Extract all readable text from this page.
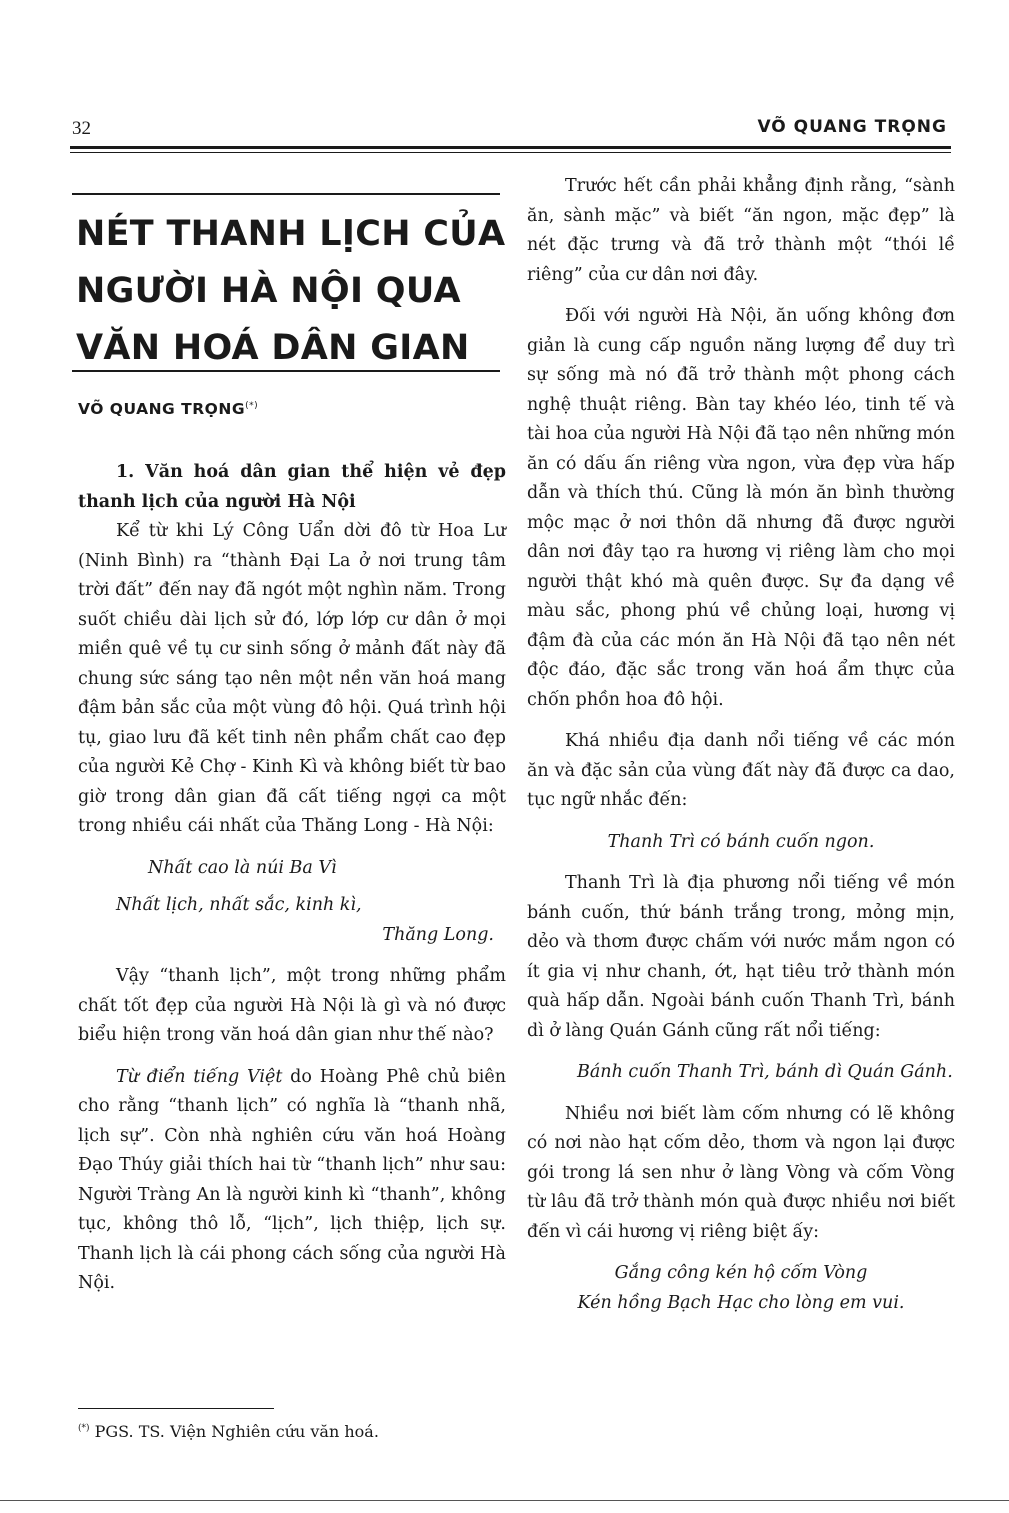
32	VÕ QUANG TRỌNG
NÉT THANH LỊCH CỦA
NGƯỜI HÀ NỘI QUA
VĂN HOÁ DÂN GIAN
VÕ QUANG TRỌNG(*)

1. Văn hoá dân gian thể hiện vẻ đẹp thanh lịch của người Hà Nội

Kể từ khi Lý Công Uẩn dời đô từ Hoa Lư (Ninh Bình) ra “thành Đại La ở nơi trung tâm trời đất” đến nay đã ngót một nghìn năm. Trong suốt chiều dài lịch sử đó, lớp lớp cư dân ở mọi miền quê về tụ cư sinh sống ở mảnh đất này đã chung sức sáng tạo nên một nền văn hoá mang đậm bản sắc của một vùng đô hội. Quá trình hội tụ, giao lưu đã kết tinh nên phẩm chất cao đẹp của người Kẻ Chợ - Kinh Kì và không biết từ bao giờ trong dân gian đã cất tiếng ngợi ca một trong nhiều cái nhất của Thăng Long - Hà Nội:

Nhất cao là núi Ba Vì
Nhất lịch, nhất sắc, kinh kì,
Thăng Long.

Vậy “thanh lịch”, một trong những phẩm chất tốt đẹp của người Hà Nội là gì và nó được biểu hiện trong văn hoá dân gian như thế nào?

Từ điển tiếng Việt do Hoàng Phê chủ biên cho rằng “thanh lịch” có nghĩa là “thanh nhã, lịch sự”. Còn nhà nghiên cứu văn hoá Hoàng Đạo Thúy giải thích hai từ “thanh lịch” như sau: Người Tràng An là người kinh kì “thanh”, không tục, không thô lỗ, “lịch”, lịch thiệp, lịch sự. Thanh lịch là cái phong cách sống của người Hà Nội.

Trước hết cần phải khẳng định rằng, “sành ăn, sành mặc” và biết “ăn ngon, mặc đẹp” là nét đặc trưng và đã trở thành một “thói lề riêng” của cư dân nơi đây.

Đối với người Hà Nội, ăn uống không đơn giản là cung cấp nguồn năng lượng để duy trì sự sống mà nó đã trở thành một phong cách nghệ thuật riêng. Bàn tay khéo léo, tinh tế và tài hoa của người Hà Nội đã tạo nên những món ăn có dấu ấn riêng vừa ngon, vừa đẹp vừa hấp dẫn và thích thú. Cũng là món ăn bình thường mộc mạc ở nơi thôn dã nhưng đã được người dân nơi đây tạo ra hương vị riêng làm cho mọi người thật khó mà quên được. Sự đa dạng về màu sắc, phong phú về chủng loại, hương vị đậm đà của các món ăn Hà Nội đã tạo nên nét độc đáo, đặc sắc trong văn hoá ẩm thực của chốn phồn hoa đô hội.

Khá nhiều địa danh nổi tiếng về các món ăn và đặc sản của vùng đất này đã được ca dao, tục ngữ nhắc đến:

Thanh Trì có bánh cuốn ngon.

Thanh Trì là địa phương nổi tiếng về món bánh cuốn, thứ bánh trắng trong, mỏng mịn, dẻo và thơm được chấm với nước mắm ngon có ít gia vị như chanh, ớt, hạt tiêu trở thành món quà hấp dẫn. Ngoài bánh cuốn Thanh Trì, bánh dì ở làng Quán Gánh cũng rất nổi tiếng:

Bánh cuốn Thanh Trì, bánh dì Quán Gánh.

Nhiều nơi biết làm cốm nhưng có lẽ không có nơi nào hạt cốm dẻo, thơm và ngon lại được gói trong lá sen như ở làng Vòng và cốm Vòng từ lâu đã trở thành món quà được nhiều nơi biết đến vì cái hương vị riêng biệt ấy:

Gắng công kén hộ cốm Vòng
Kén hồng Bạch Hạc cho lòng em vui.
(*) PGS. TS. Viện Nghiên cứu văn hoá.
